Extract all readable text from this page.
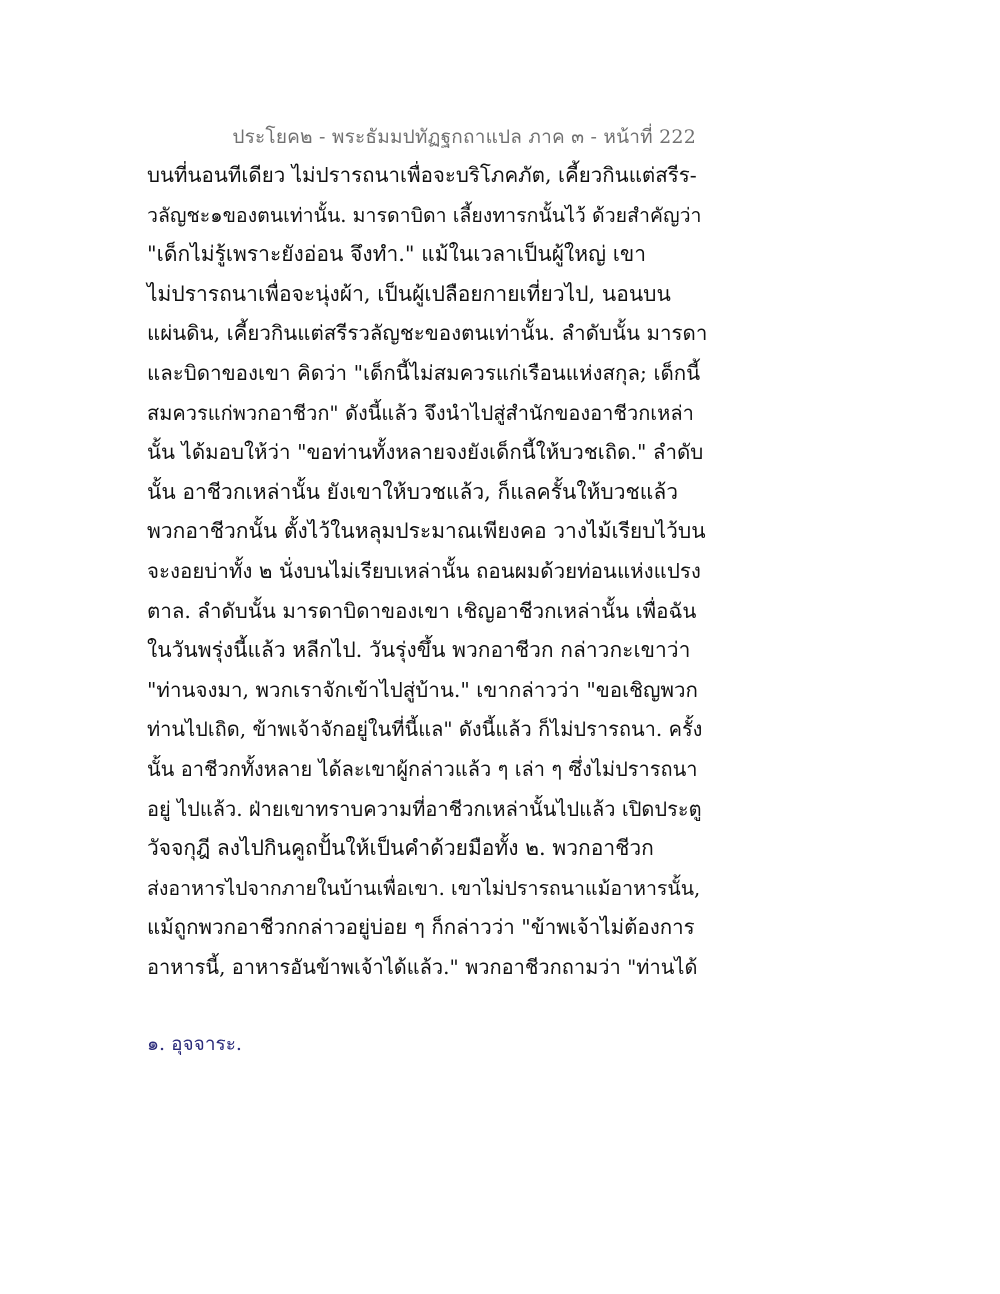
ประโยค๒ - พระธัมมปทัฏฐกถาแปล ภาค ๓ - หน้าที่ 222
บนที่นอนทีเดียว ไม่ปรารถนาเพื่อจะบริโภคภัต, เคี้ยวกินแต่สรีร-
วลัญชะ๑ของตนเท่านั้น. มารดาบิดา เลี้ยงทารกนั้นไว้ ด้วยสำคัญว่า
"เด็กไม่รู้เพราะยังอ่อน จึงทำ." แม้ในเวลาเป็นผู้ใหญ่ เขา
ไม่ปรารถนาเพื่อจะนุ่งผ้า, เป็นผู้เปลือยกายเที่ยวไป, นอนบน
แผ่นดิน, เคี้ยวกินแต่สรีรวลัญชะของตนเท่านั้น. ลำดับนั้น มารดา
และบิดาของเขา คิดว่า "เด็กนี้ไม่สมควรแก่เรือนแห่งสกุล; เด็กนี้
สมควรแก่พวกอาชีวก" ดังนี้แล้ว จึงนำไปสู่สำนักของอาชีวกเหล่า
นั้น ได้มอบให้ว่า "ขอท่านทั้งหลายจงยังเด็กนี้ให้บวชเถิด." ลำดับ
นั้น อาชีวกเหล่านั้น ยังเขาให้บวชแล้ว, ก็แลครั้นให้บวชแล้ว
พวกอาชีวกนั้น ตั้งไว้ในหลุมประมาณเพียงคอ วางไม้เรียบไว้บน
จะงอยบ่าทั้ง ๒ นั่งบนไม่เรียบเหล่านั้น ถอนผมด้วยท่อนแห่งแปรง
ตาล. ลำดับนั้น มารดาบิดาของเขา เชิญอาชีวกเหล่านั้น เพื่อฉัน
ในวันพรุ่งนี้แล้ว หลีกไป. วันรุ่งขึ้น พวกอาชีวก กล่าวกะเขาว่า
"ท่านจงมา, พวกเราจักเข้าไปสู่บ้าน." เขากล่าวว่า "ขอเชิญพวก
ท่านไปเถิด, ข้าพเจ้าจักอยู่ในที่นี้แล" ดังนี้แล้ว ก็ไม่ปรารถนา. ครั้ง
นั้น อาชีวกทั้งหลาย ได้ละเขาผู้กล่าวแล้ว ๆ เล่า ๆ ซึ่งไม่ปรารถนา
อยู่ ไปแล้ว. ฝ่ายเขาทราบความที่อาชีวกเหล่านั้นไปแล้ว เปิดประตู
วัจจกุฎี ลงไปกินคูถปั้นให้เป็นคำด้วยมือทั้ง ๒. พวกอาชีวก
ส่งอาหารไปจากภายในบ้านเพื่อเขา. เขาไม่ปรารถนาแม้อาหารนั้น,
แม้ถูกพวกอาชีวกกล่าวอยู่บ่อย ๆ ก็กล่าวว่า "ข้าพเจ้าไม่ต้องการ
อาหารนี้, อาหารอันข้าพเจ้าได้แล้ว." พวกอาชีวกถามว่า "ท่านได้
๑. อุจจาระ.
